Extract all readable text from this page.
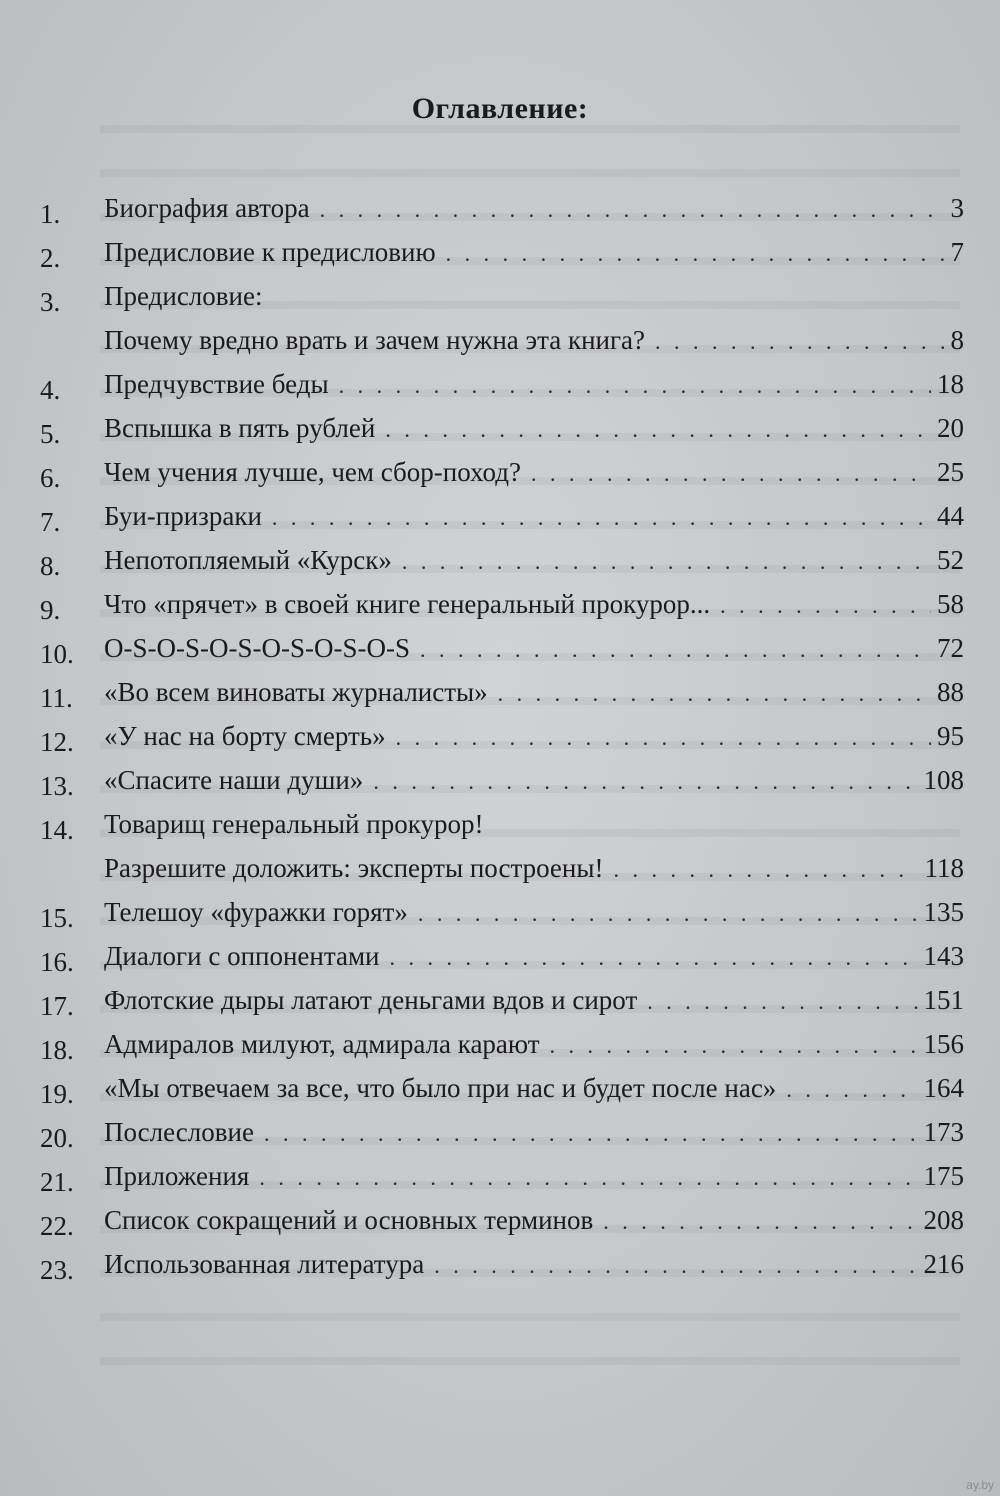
Оглавление:
1.	Биография автора . . .	3
2.	Предисловие к предисловию . . .	7
3.	Предисловие:
Почему вредно врать и зачем нужна эта книга? . . .	8
4.	Предчувствие беды . . .	18
5.	Вспышка в пять рублей . . .	20
6.	Чем учения лучше, чем сбор-поход? . . .	25
7.	Буи-призраки . . .	44
8.	Непотопляемый «Курск» . . .	52
9.	Что «прячет» в своей книге генеральный прокурор... . . .	58
10.	O-S-O-S-O-S-O-S-O-S-O-S . . .	72
11.	«Во всем виноваты журналисты» . . .	88
12.	«У нас на борту смерть» . . .	95
13.	«Спасите наши души» . . .	108
14.	Товарищ генеральный прокурор!
Разрешите доложить: эксперты построены! . . .	118
15.	Телешоу «фуражки горят» . . .	135
16.	Диалоги с оппонентами . . .	143
17.	Флотские дыры латают деньгами вдов и сирот . . .	151
18.	Адмиралов милуют, адмирала карают . . .	156
19.	«Мы отвечаем за все, что было при нас и будет после нас» . . .	164
20.	Послесловие . . .	173
21.	Приложения . . .	175
22.	Список сокращений и основных терминов . . .	208
23.	Использованная литература . . .	216
ay.by
